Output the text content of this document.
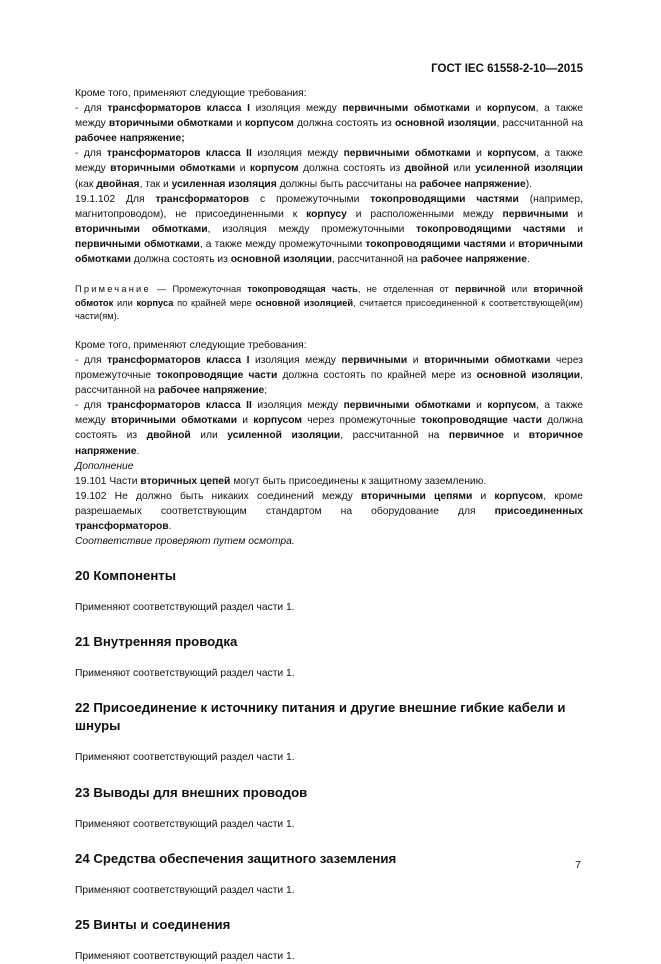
ГОСТ IEC 61558-2-10—2015

Кроме того, применяют следующие требования:

- для трансформаторов класса I изоляция между первичными обмотками и корпусом, а также между вторичными обмотками и корпусом должна состоять из основной изоляции, рассчитанной на рабочее напряжение;

- для трансформаторов класса II изоляция между первичными обмотками и корпусом, а также между вторичными обмотками и корпусом должна состоять из двойной или усиленной изоляции (как двойная, так и усиленная изоляция должны быть рассчитаны на рабочее напряжение).

19.1.102 Для трансформаторов с промежуточными токопроводящими частями (например, магнитопроводом), не присоединенными к корпусу и расположенными между первичными и вторичными обмотками, изоляция между промежуточными токопроводящими частями и первичными обмотками, а также между промежуточными токопроводящими частями и вторичными обмотками должна состоять из основной изоляции, рассчитанной на рабочее напряжение.

Примечание — Промежуточная токопроводящая часть, не отделенная от первичной или вторичной обмоток или корпуса по крайней мере основной изоляцией, считается присоединенной к соответствующей(им) части(ям).

Кроме того, применяют следующие требования:

- для трансформаторов класса I изоляция между первичными и вторичными обмотками через промежуточные токопроводящие части должна состоять по крайней мере из основной изоляции, рассчитанной на рабочее напряжение;

- для трансформаторов класса II изоляция между первичными обмотками и корпусом, а также между вторичными обмотками и корпусом через промежуточные токопроводящие части должна состоять из двойной или усиленной изоляции, рассчитанной на первичное и вторичное напряжение.

Дополнение

19.101 Части вторичных цепей могут быть присоединены к защитному заземлению.

19.102 Не должно быть никаких соединений между вторичными цепями и корпусом, кроме разрешаемых соответствующим стандартом на оборудование для присоединенных трансформаторов.

Соответствие проверяют путем осмотра.

20 Компоненты

Применяют соответствующий раздел части 1.

21 Внутренняя проводка

Применяют соответствующий раздел части 1.

22 Присоединение к источнику питания и другие внешние гибкие кабели и шнуры

Применяют соответствующий раздел части 1.

23 Выводы для внешних проводов

Применяют соответствующий раздел части 1.

24 Средства обеспечения защитного заземления

Применяют соответствующий раздел части 1.

25 Винты и соединения

Применяют соответствующий раздел части 1.

7
